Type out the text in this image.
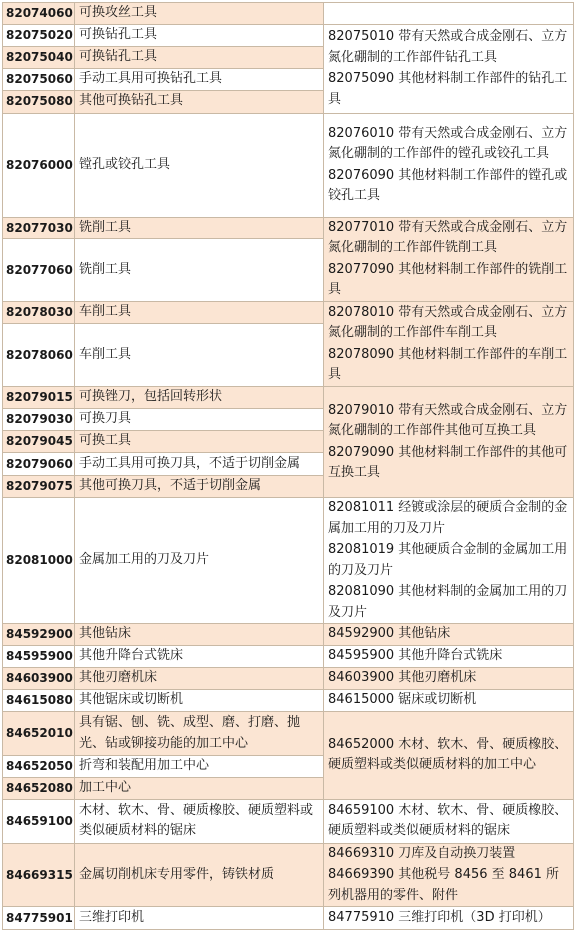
82074060	可换攻丝工具	
82075020	可换钻孔工具	82075010 带有天然或合成金刚石、立方氮化硼制的工作部件钻孔工具

82075090 其他材料制工作部件的钻孔工具

82075040	可换钻孔工具	
82075060	手动工具用可换钻孔工具	
82075080	其他可换钻孔工具	
82076000	镗孔或铰孔工具	82076010 带有天然或合成金刚石、立方氮化硼制的工作部件的镗孔或铰孔工具

82076090 其他材料制工作部件的镗孔或铰孔工具

82077030	铣削工具	82077010 带有天然或合成金刚石、立方氮化硼制的工作部件铣削工具

82077090 其他材料制工作部件的铣削工具

82077060	铣削工具	
82078030	车削工具	82078010 带有天然或合成金刚石、立方氮化硼制的工作部件车削工具

82078090 其他材料制工作部件的车削工具

82078060	车削工具	
82079015	可换锉刀，包括回转形状	82079010 带有天然或合成金刚石、立方氮化硼制的工作部件其他可互换工具

82079090 其他材料制工作部件的其他可互换工具

82079030	可换刀具	
82079045	可换工具	
82079060	手动工具用可换刀具，不适于切削金属	
82079075	其他可换刀具，不适于切削金属	
82081000	金属加工用的刀及刀片	82081011 经镀或涂层的硬质合金制的金属加工用的刀及刀片

82081019 其他硬质合金制的金属加工用的刀及刀片

82081090 其他材料制的金属加工用的刀及刀片

84592900	其他钻床	84592900 其他钻床

84595900	其他升降台式铣床	84595900 其他升降台式铣床

84603900	其他刃磨机床	84603900 其他刃磨机床

84615080	其他锯床或切断机	84615000 锯床或切断机

84652010	具有锯、刨、铣、成型、磨、打磨、抛光、钻或铆接功能的加工中心	84652000 木材、软木、骨、硬质橡胶、硬质塑料或类似硬质材料的加工中心

84652050	折弯和装配用加工中心	
84652080	加工中心	
84659100	木材、软木、骨、硬质橡胶、硬质塑料或类似硬质材料的锯床	84659100 木材、软木、骨、硬质橡胶、硬质塑料或类似硬质材料的锯床

84669315	金属切削机床专用零件，铸铁材质	84669310 刀库及自动换刀装置

84669390 其他税号 8456 至 8461 所列机器用的零件、附件

84775901	三维打印机	84775910 三维打印机（3D 打印机）
